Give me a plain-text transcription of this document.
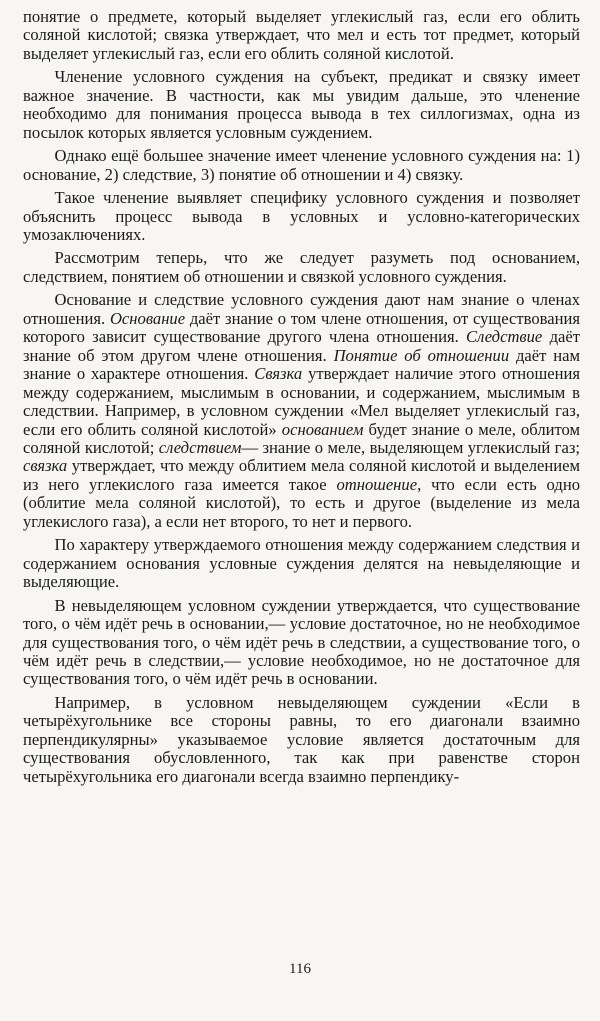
понятие о предмете, который выделяет углекислый газ, если его облить соляной кислотой; связка утверждает, что мел и есть тот предмет, который выделяет углекислый газ, если его облить соляной кислотой.

Членение условного суждения на субъект, предикат и связку имеет важное значение. В частности, как мы увидим дальше, это членение необходимо для понимания процесса вывода в тех силлогизмах, одна из посылок которых является условным суждением.

Однако ещё большее значение имеет членение условного суждения на: 1) основание, 2) следствие, 3) понятие об отношении и 4) связку.

Такое членение выявляет специфику условного суждения и позволяет объяснить процесс вывода в условных и условно-категорических умозаключениях.

Рассмотрим теперь, что же следует разуметь под основанием, следствием, понятием об отношении и связкой условного суждения.

Основание и следствие условного суждения дают нам знание о членах отношения. Основание даёт знание о том члене отношения, от существования которого зависит существование другого члена отношения. Следствие даёт знание об этом другом члене отношения. Понятие об отношении даёт нам знание о характере отношения. Связка утверждает наличие этого отношения между содержанием, мыслимым в основании, и содержанием, мыслимым в следствии. Например, в условном суждении «Мел выделяет углекислый газ, если его облить соляной кислотой» основанием будет знание о меле, облитом соляной кислотой; следствием— знание о меле, выделяющем углекислый газ; связка утверждает, что между облитием мела соляной кислотой и выделением из него углекислого газа имеется такое отношение, что если есть одно (облитие мела соляной кислотой), то есть и другое (выделение из мела углекислого газа), а если нет второго, то нет и первого.

По характеру утверждаемого отношения между содержанием следствия и содержанием основания условные суждения делятся на невыделяющие и выделяющие.

В невыделяющем условном суждении утверждается, что существование того, о чём идёт речь в основании,— условие достаточное, но не необходимое для существования того, о чём идёт речь в следствии, а существование того, о чём идёт речь в следствии,— условие необходимое, но не достаточное для существования того, о чём идёт речь в основании.

Например, в условном невыделяющем суждении «Если в четырёхугольнике все стороны равны, то его диагонали взаимно перпендикулярны» указываемое условие является достаточным для существования обусловленного, так как при равенстве сторон четырёхугольника его диагонали всегда взаимно перпендику-

116
